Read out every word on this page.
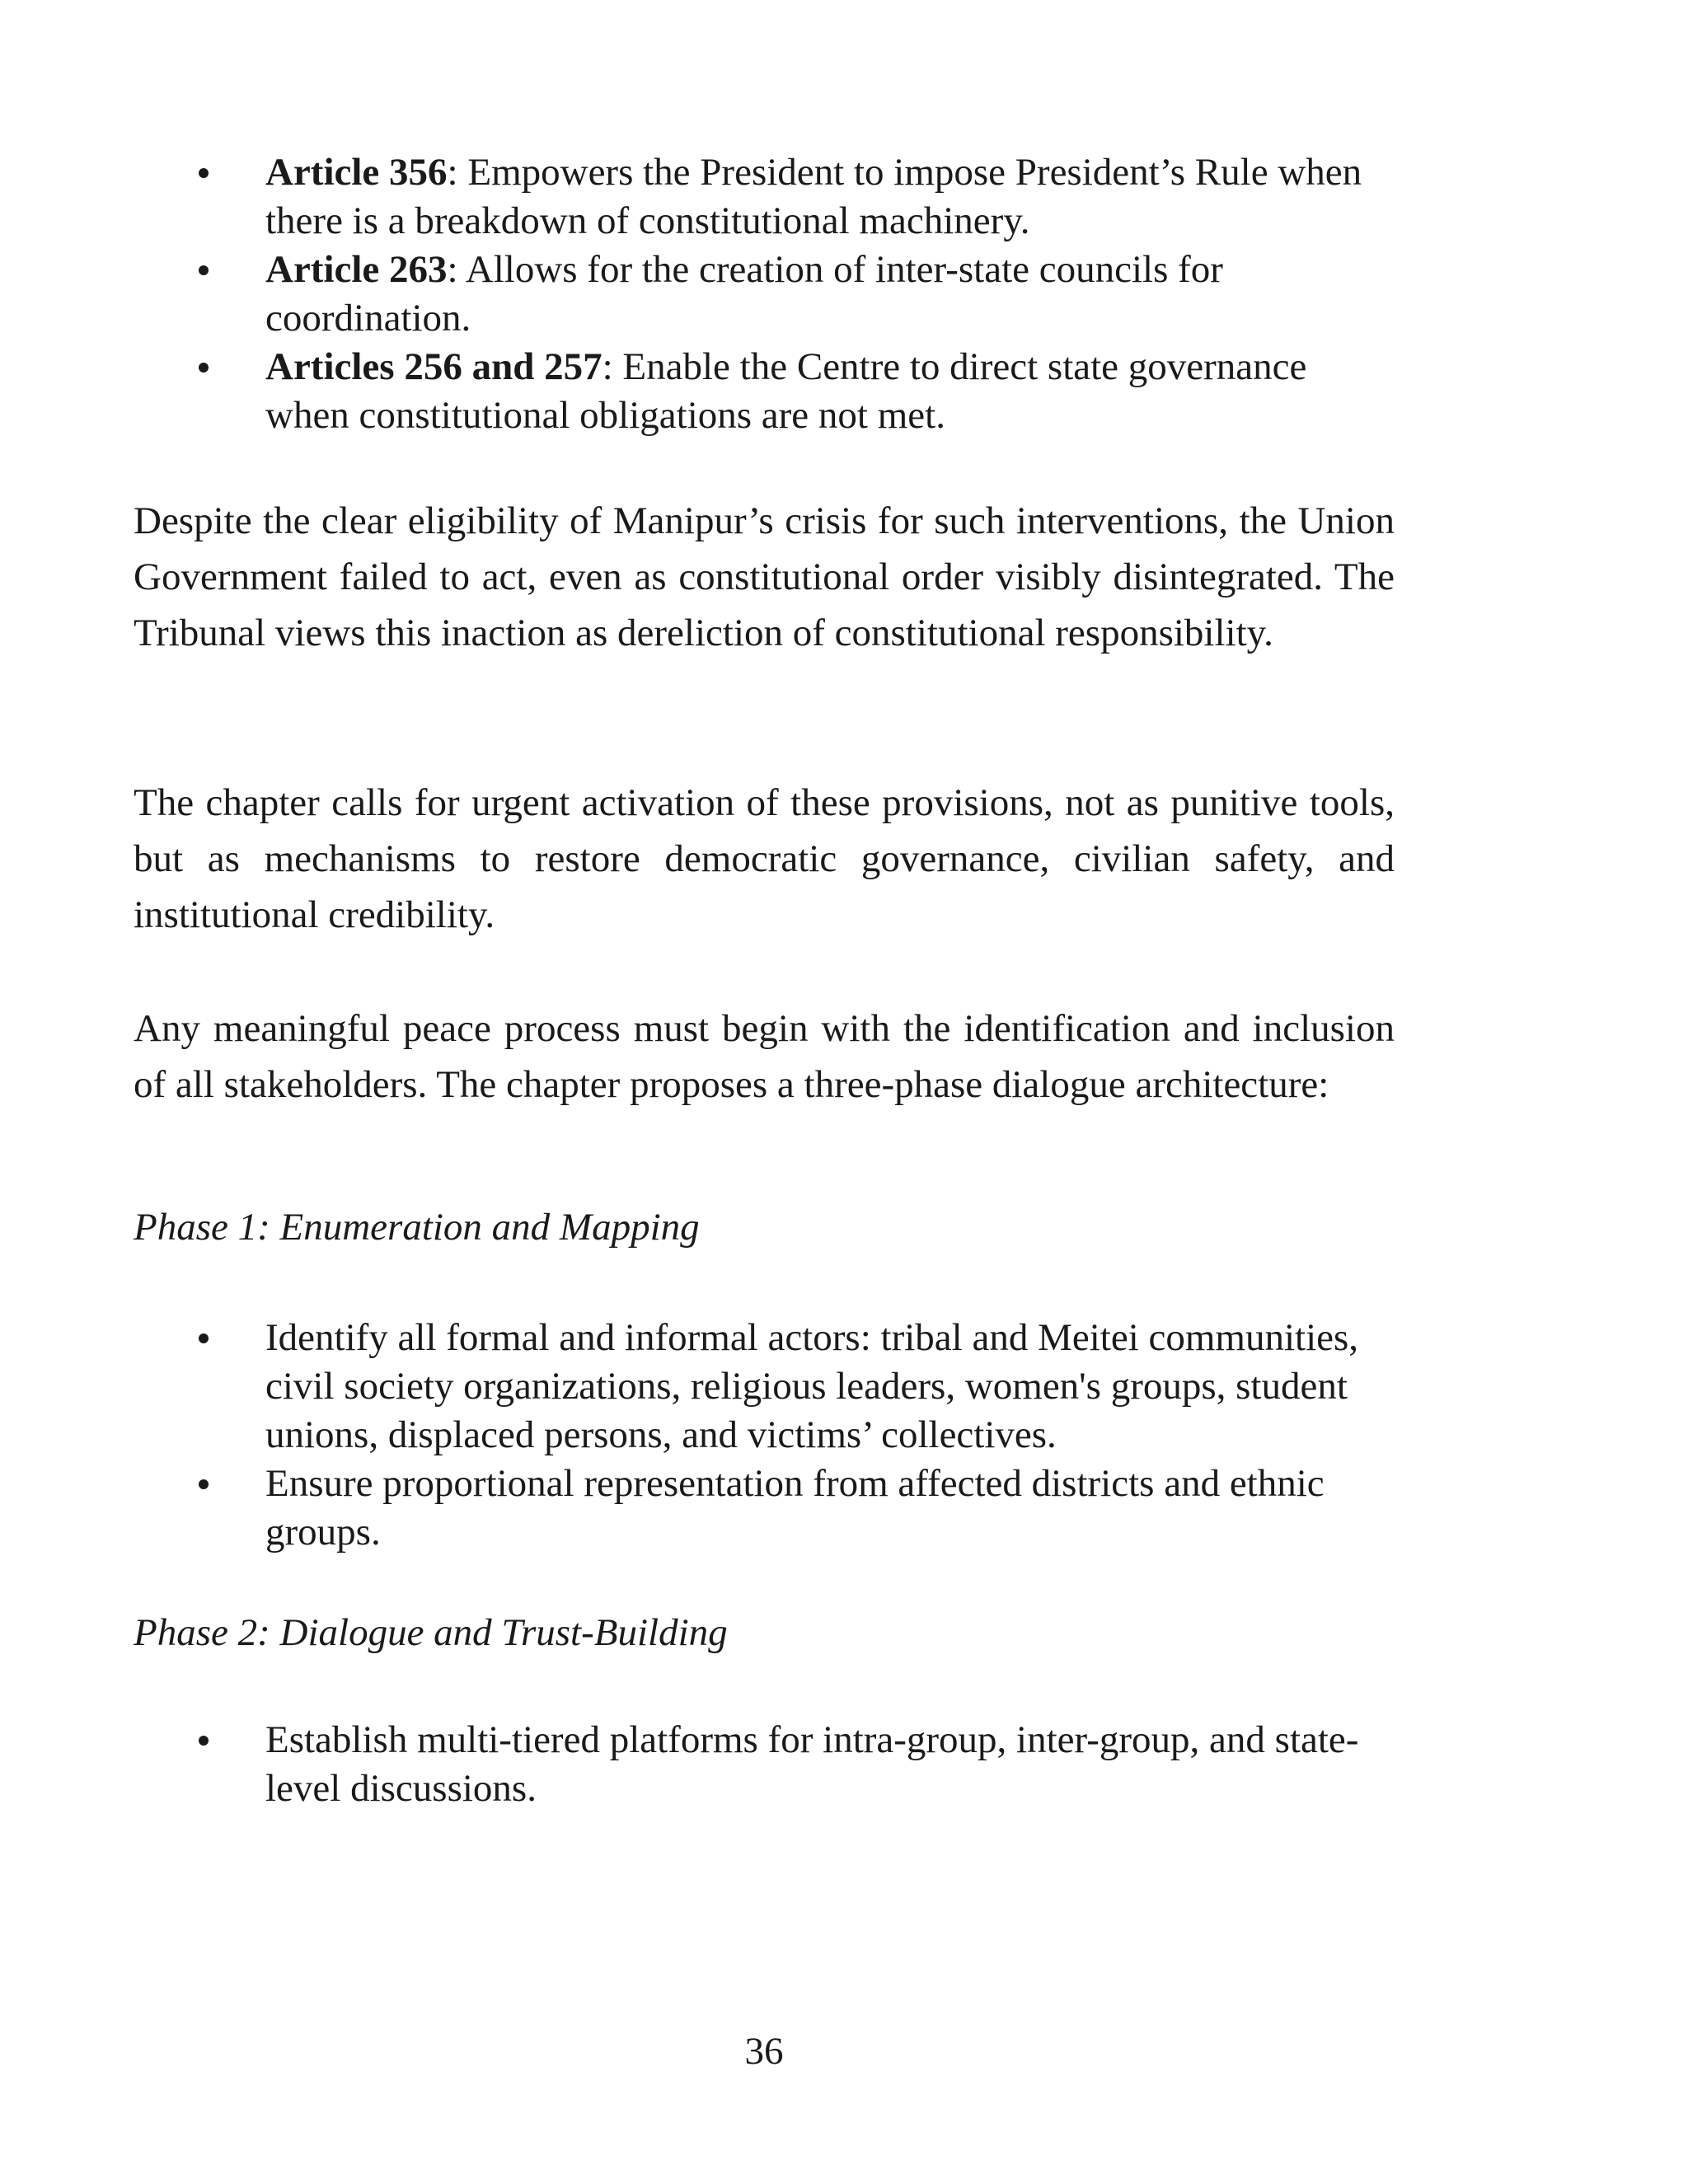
Article 356: Empowers the President to impose President’s Rule when there is a breakdown of constitutional machinery.
Article 263: Allows for the creation of inter-state councils for coordination.
Articles 256 and 257: Enable the Centre to direct state governance when constitutional obligations are not met.

Despite the clear eligibility of Manipur’s crisis for such interventions, the Union Government failed to act, even as constitutional order visibly disintegrated. The Tribunal views this inaction as dereliction of constitutional responsibility.

The chapter calls for urgent activation of these provisions, not as punitive tools, but as mechanisms to restore democratic governance, civilian safety, and institutional credibility.

Any meaningful peace process must begin with the identification and inclusion of all stakeholders. The chapter proposes a three-phase dialogue architecture:

Phase 1: Enumeration and Mapping

Identify all formal and informal actors: tribal and Meitei communities, civil society organizations, religious leaders, women's groups, student unions, displaced persons, and victims’ collectives.
Ensure proportional representation from affected districts and ethnic groups.

Phase 2: Dialogue and Trust-Building

Establish multi-tiered platforms for intra-group, inter-group, and state-level discussions.

36
